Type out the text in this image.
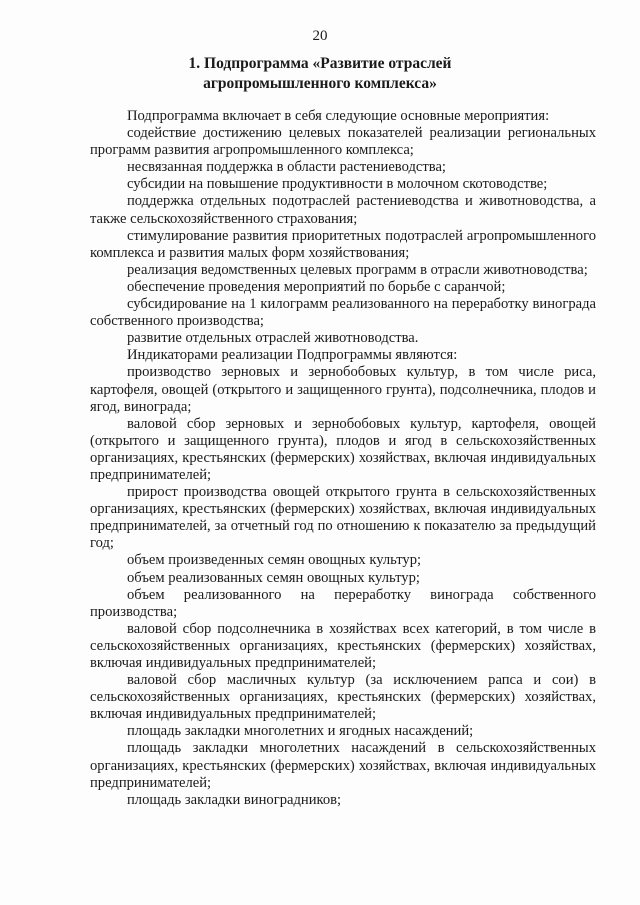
20
1. Подпрограмма «Развитие отраслей
агропромышленного комплекса»

Подпрограмма включает в себя следующие основные мероприятия:

содействие достижению целевых показателей реализации региональных программ развития агропромышленного комплекса;

несвязанная поддержка в области растениеводства;

субсидии на повышение продуктивности в молочном скотоводстве;

поддержка отдельных подотраслей растениеводства и животноводства, а также сельскохозяйственного страхования;

стимулирование развития приоритетных подотраслей агропромышленного комплекса и развития малых форм хозяйствования;

реализация ведомственных целевых программ в отрасли животноводства;

обеспечение проведения мероприятий по борьбе с саранчой;

субсидирование на 1 килограмм реализованного на переработку винограда собственного производства;

развитие отдельных отраслей животноводства.

Индикаторами реализации Подпрограммы являются:

производство зерновых и зернобобовых культур, в том числе риса, картофеля, овощей (открытого и защищенного грунта), подсолнечника, плодов и ягод, винограда;

валовой сбор зерновых и зернобобовых культур, картофеля, овощей (открытого и защищенного грунта), плодов и ягод в сельскохозяйственных организациях, крестьянских (фермерских) хозяйствах, включая индивидуальных предпринимателей;

прирост производства овощей открытого грунта в сельскохозяйственных организациях, крестьянских (фермерских) хозяйствах, включая индивидуальных предпринимателей, за отчетный год по отношению к показателю за предыдущий год;

объем произведенных семян овощных культур;

объем реализованных семян овощных культур;

объем реализованного на переработку винограда собственного производства;

валовой сбор подсолнечника в хозяйствах всех категорий, в том числе в сельскохозяйственных организациях, крестьянских (фермерских) хозяйствах, включая индивидуальных предпринимателей;

валовой сбор масличных культур (за исключением рапса и сои) в сельскохозяйственных организациях, крестьянских (фермерских) хозяйствах, включая индивидуальных предпринимателей;

площадь закладки многолетних и ягодных насаждений;

площадь закладки многолетних насаждений в сельскохозяйственных организациях, крестьянских (фермерских) хозяйствах, включая индивидуальных предпринимателей;

площадь закладки виноградников;
